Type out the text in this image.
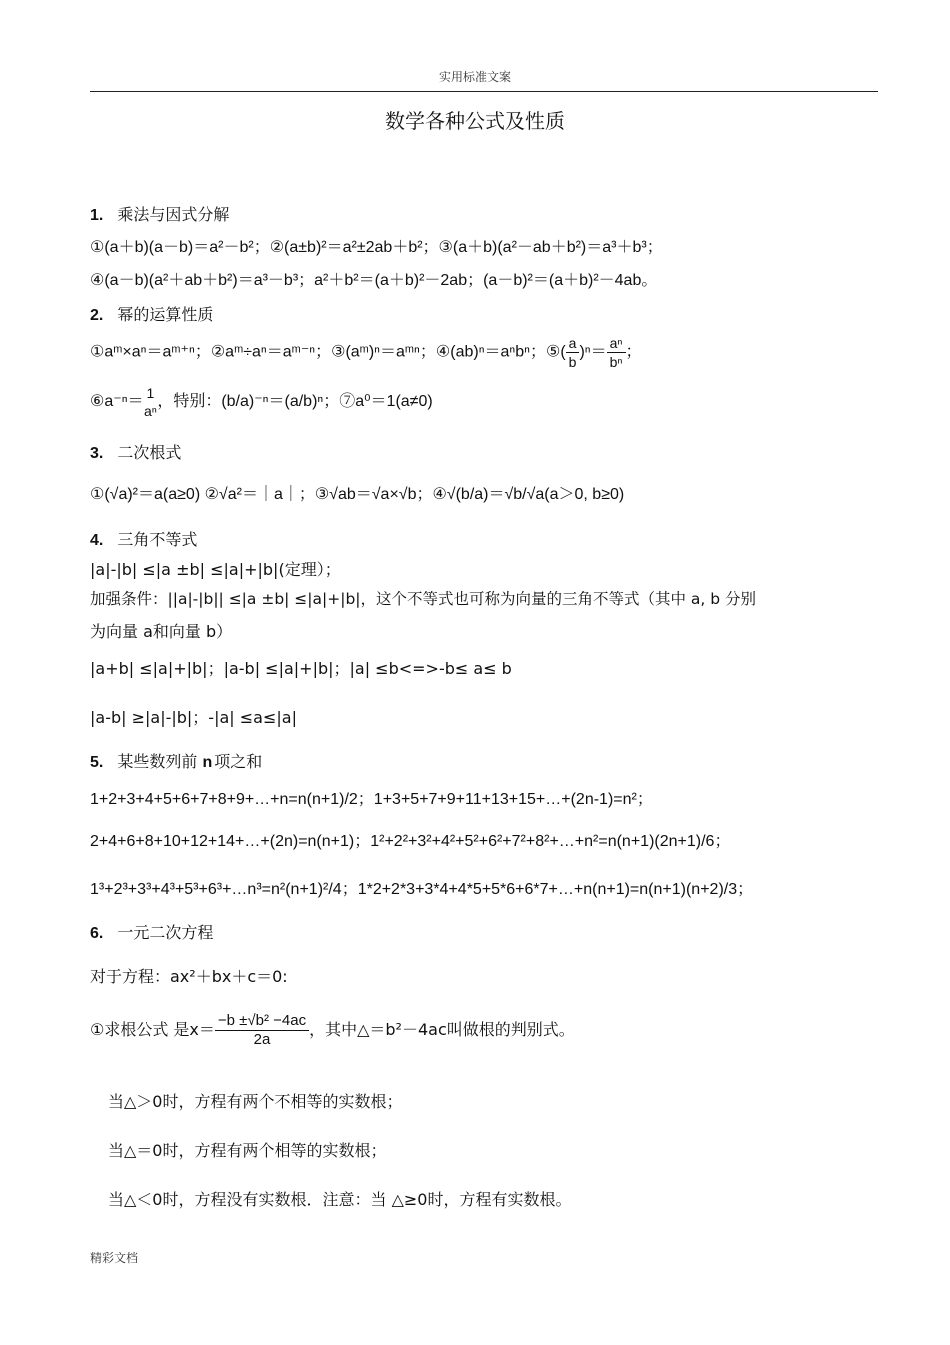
实用标准文案
数学各种公式及性质
1. 乘法与因式分解
①(a＋b)(a－b)＝a²－b²；②(a±b)²＝a²±2ab＋b²；③(a＋b)(a²－ab＋b²)＝a³＋b³；
④(a－b)(a²＋ab＋b²)＝a³－b³；a²＋b²＝(a＋b)²－2ab；(a－b)²＝(a＋b)²－4ab。
2. 幂的运算性质
①aᵐ×aⁿ＝aᵐ⁺ⁿ；②aᵐ÷aⁿ＝aᵐ⁻ⁿ；③(aᵐ)ⁿ＝aᵐⁿ；④(ab)ⁿ＝aⁿbⁿ；⑤( $\frac{a}{b} )^n= \frac{\text{aⁿ}}{\text{bⁿ}}$ ；
⑥a⁻ⁿ＝
1
aⁿ
，特别：(b/a)⁻ⁿ＝(a/b)ⁿ；⑦a⁰＝1(a≠0)
3. 二次根式
①(√a)²＝a(a≥0) ②√a²＝｜a｜；③√ab＝√a×√b；④√(b/a)＝√b/√a(a＞0, b≥0)
4. 三角不等式
|a|-|b| ≤|a ±b| ≤|a|+|b|(定理）；
加强条件：||a|-|b|| ≤|a ±b| ≤|a|+|b|，这个不等式也可称为向量的三角不等式（其中 a, b 分别
为向量 a和向量 b）
|a+b| ≤|a|+|b|；|a-b| ≤|a|+|b|；|a| ≤b<=>-b≤ a≤ b
|a-b| ≥|a|-|b|；-|a| ≤a≤|a|
5. 某些数列前 n 项之和
1+2+3+4+5+6+7+8+9+…+n=n(n+1)/2；1+3+5+7+9+11+13+15+…+(2n-1)=n²；
2+4+6+8+10+12+14+…+(2n)=n(n+1)；1²+2²+3²+4²+5²+6²+7²+8²+…+n²=n(n+1)(2n+1)/6；
1³+2³+3³+4³+5³+6³+…n³=n²(n+1)²/4；1*2+2*3+3*4+4*5+5*6+6*7+…+n(n+1)=n(n+1)(n+2)/3；
6. 一元二次方程
对于方程：ax²＋bx＋c＝0:
①求根公式 是$x= \frac{\text{−b ±√b² −4ac}}{2a}$ ，其中△＝b²－4ac叫做根的判别式。
当△＞0时，方程有两个不相等的实数根；
当△＝0时，方程有两个相等的实数根；
当△＜0时，方程没有实数根．注意：当 △≥0时，方程有实数根。
精彩文档
